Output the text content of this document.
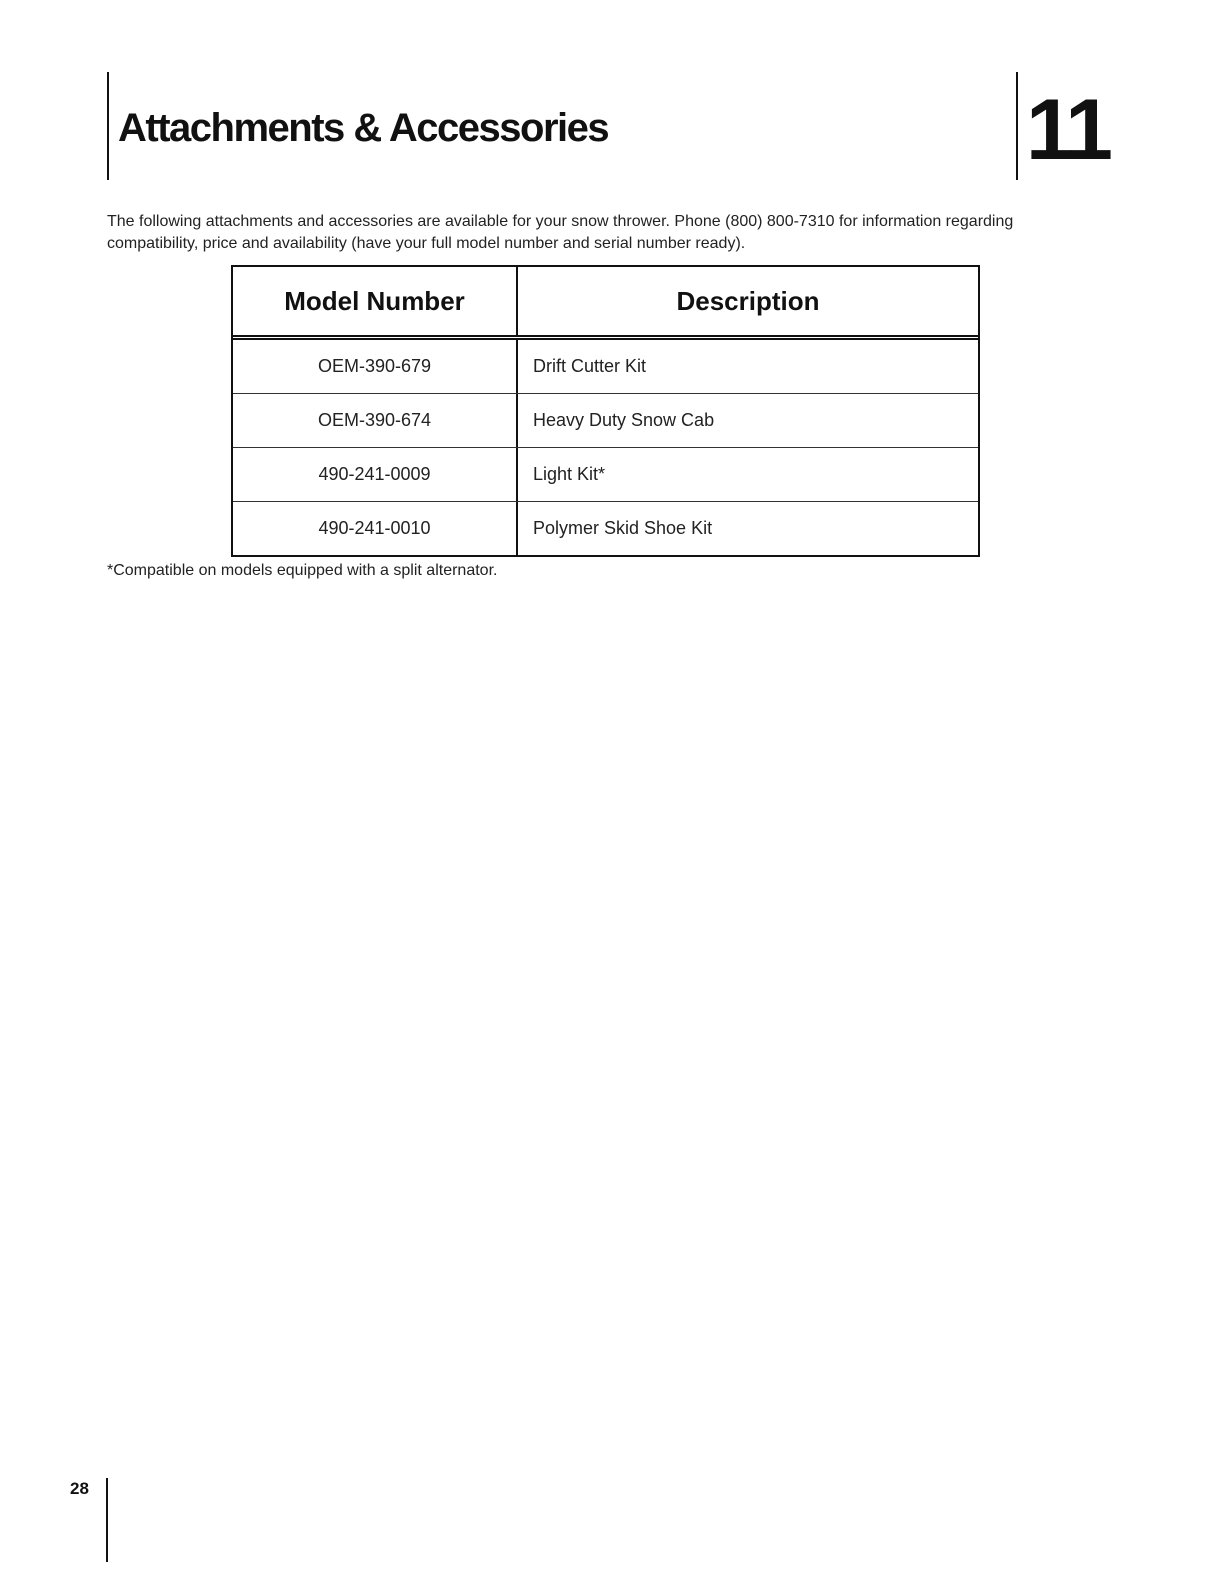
Attachments & Accessories	11
The following attachments and accessories are available for your snow thrower. Phone (800) 800-7310 for information regarding
compatibility, price and availability (have your full model number and serial number ready).
Model Number	Description
OEM-390-679	Drift Cutter Kit
OEM-390-674	Heavy Duty Snow Cab
490-241-0009	Light Kit*
490-241-0010	Polymer Skid Shoe Kit
*Compatible on models equipped with a split alternator.
28
